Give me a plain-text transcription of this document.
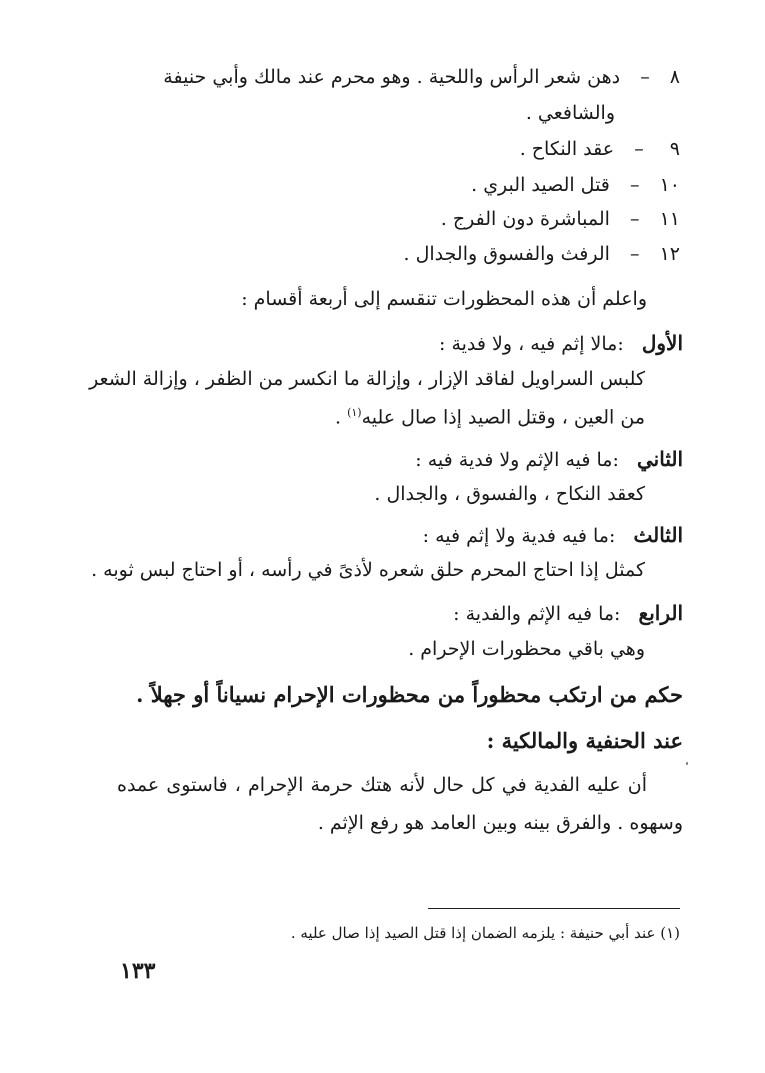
٨  –  دهن شعر الرأس واللحية . وهو محرم عند مالك وأبي حنيفة
والشافعي .
٩  –  عقد النكاح .
١٠  –  قتل الصيد البري .
١١  –  المباشرة دون الفرج .
١٢  –  الرفث والفسوق والجدال .
واعلم أن هذه المحظورات تنقسم إلى أربعة أقسام :
الأول  :مالا إثم فيه ، ولا فدية :
كلبس السراويل لفاقد الإزار ، وإزالة ما انكسر من الظفر ، وإزالة الشعر
من العين ، وقتل الصيد إذا صال عليه$^{(١)}$ .
الثاني  :ما فيه الإثم ولا فدية فيه :
كعقد النكاح ، والفسوق ، والجدال .
الثالث  :ما فيه فدية ولا إثم فيه :
كمثل إذا احتاج المحرم حلق شعره لأذىً في رأسه ، أو احتاج لبس ثوبه .
الرابع  :ما فيه الإثم والفدية :
وهي باقي محظورات الإحرام .
حكم من ارتكب محظوراً من محظورات الإحرام نسياناً أو جهلاً .
عند الحنفية والمالكية :
أن عليه الفدية في كل حال لأنه هتك حرمة الإحرام ، فاستوى عمده
وسهوه . والفرق بينه وبين العامد هو رفع الإثم .
(١) عند أبي حنيفة : يلزمه الضمان إذا قتل الصيد إذا صال عليه .
١٣٣
